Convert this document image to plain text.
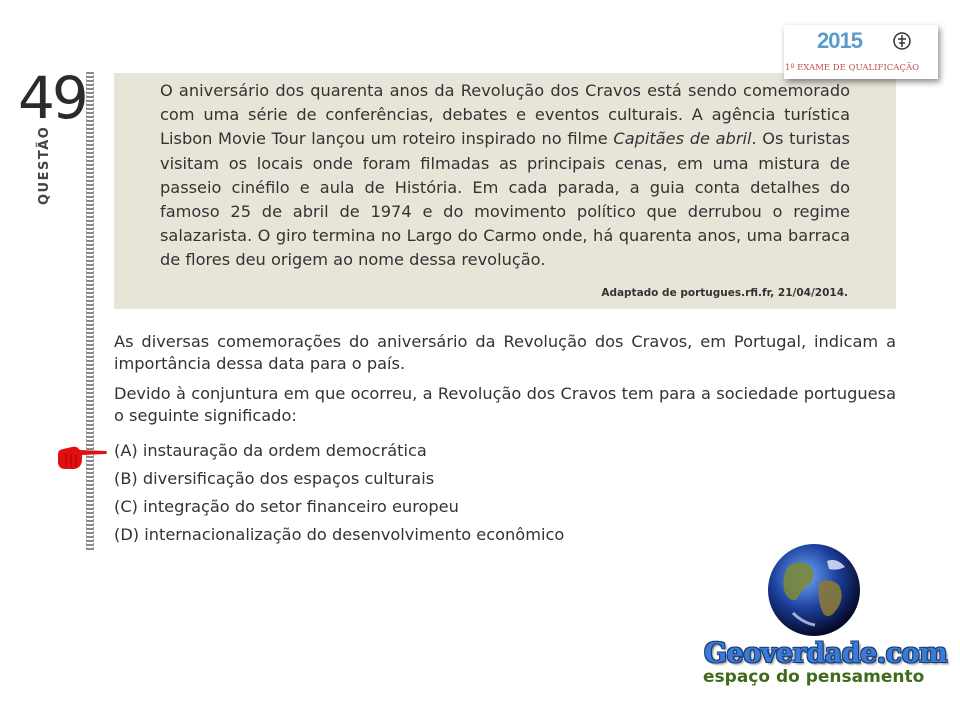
49
QUESTÃO
O aniversário dos quarenta anos da Revolução dos Cravos está sendo comemorado com uma série de conferências, debates e eventos culturais. A agência turística Lisbon Movie Tour lançou um roteiro inspirado no filme Capitães de abril. Os turistas visitam os locais onde foram filmadas as principais cenas, em uma mistura de passeio cinéfilo e aula de História. Em cada parada, a guia conta detalhes do famoso 25 de abril de 1974 e do movimento político que derrubou o regime salazarista. O giro termina no Largo do Carmo onde, há quarenta anos, uma barraca de flores deu origem ao nome dessa revolução.
Adaptado de portugues.rfi.fr, 21/04/2014.
As diversas comemorações do aniversário da Revolução dos Cravos, em Portugal, indicam a importância dessa data para o país.
Devido à conjuntura em que ocorreu, a Revolução dos Cravos tem para a sociedade portuguesa o seguinte significado:
(A) instauração da ordem democrática
(B) diversificação dos espaços culturais
(C) integração do setor financeiro europeu
(D) internacionalização do desenvolvimento econômico
2015
1º EXAME DE QUALIFICAÇÃO
Geoverdade.com
espaço do pensamento
